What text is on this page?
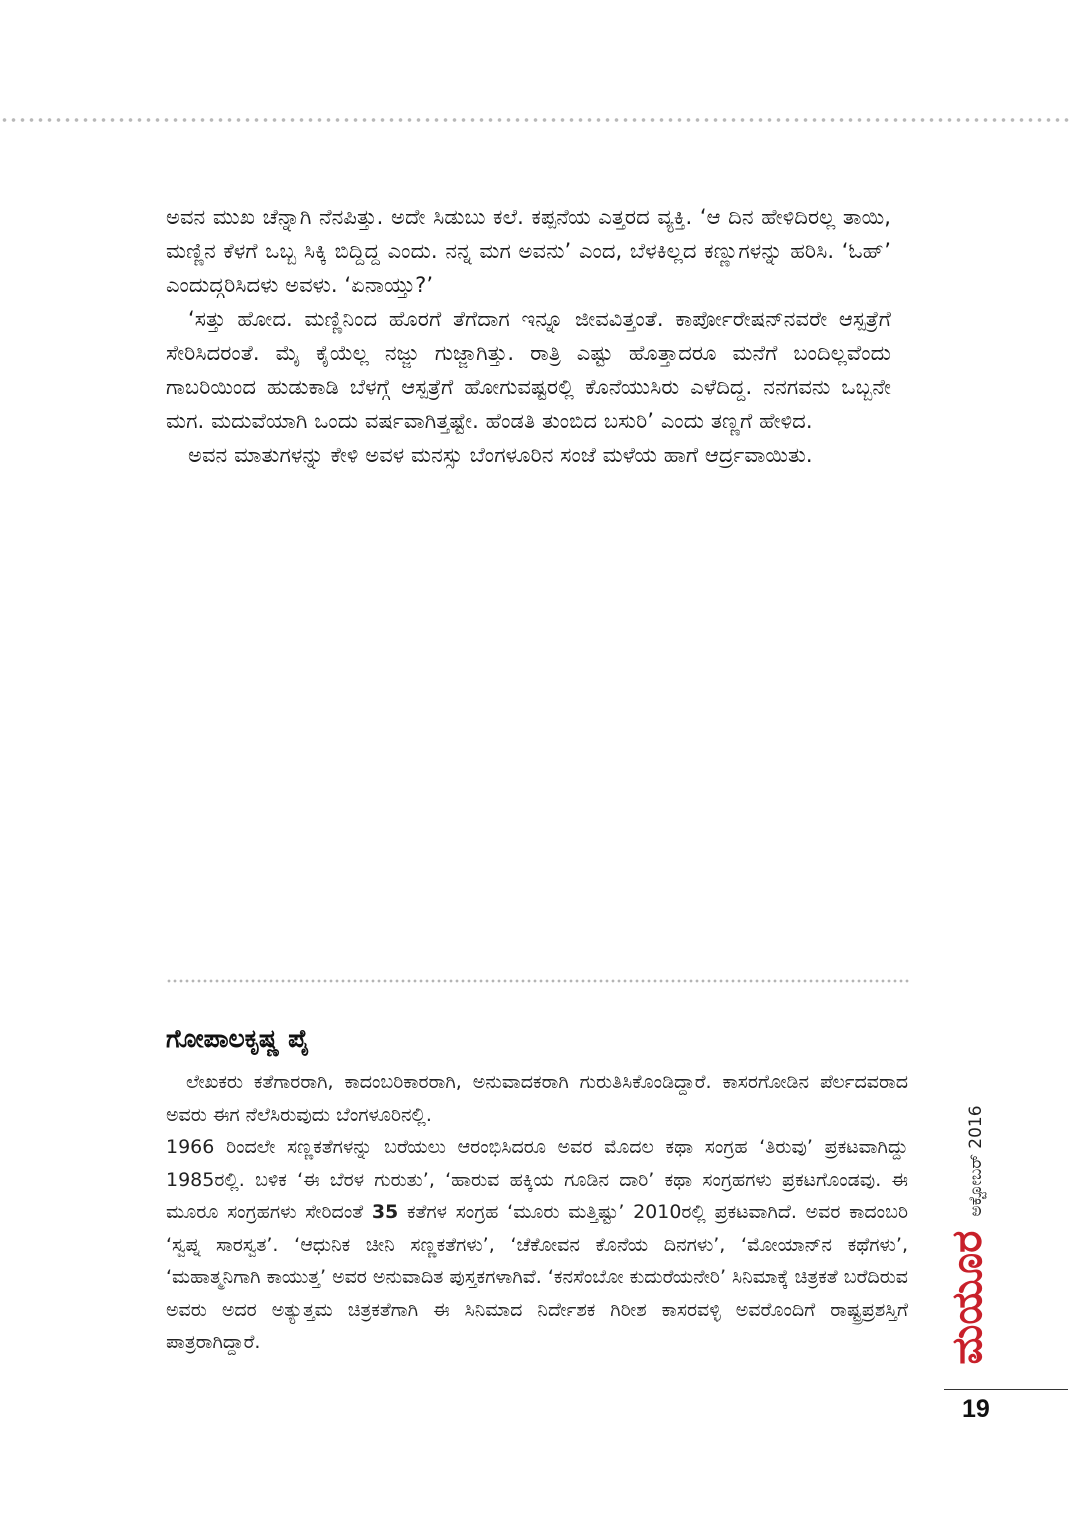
ಅವನ ಮುಖ ಚೆನ್ನಾಗಿ ನೆನಪಿತ್ತು. ಅದೇ ಸಿಡುಬು ಕಲೆ. ಕಪ್ಪನೆಯ ಎತ್ತರದ ವ್ಯಕ್ತಿ. ‘ಆ ದಿನ ಹೇಳಿದಿರಲ್ಲ ತಾಯಿ, ಮಣ್ಣಿನ ಕೆಳಗೆ ಒಬ್ಬ ಸಿಕ್ಕಿ ಬಿದ್ದಿದ್ದ ಎಂದು. ನನ್ನ ಮಗ ಅವನು’ ಎಂದ, ಬೆಳಕಿಲ್ಲದ ಕಣ್ಣುಗಳನ್ನು ಹರಿಸಿ. ‘ಓಹ್’ ಎಂದುದ್ಗರಿಸಿದಳು ಅವಳು. ‘ಏನಾಯ್ತು?’

‘ಸತ್ತು ಹೋದ. ಮಣ್ಣಿನಿಂದ ಹೊರಗೆ ತೆಗೆದಾಗ ಇನ್ನೂ ಜೀವವಿತ್ತಂತೆ. ಕಾರ್ಪೋರೇಷನ್‌ನವರೇ ಆಸ್ಪತ್ರೆಗೆ ಸೇರಿಸಿದರಂತೆ. ಮೈ ಕೈಯೆಲ್ಲ ನಜ್ಜು ಗುಜ್ಜಾಗಿತ್ತು. ರಾತ್ರಿ ಎಷ್ಟು ಹೊತ್ತಾದರೂ ಮನೆಗೆ ಬಂದಿಲ್ಲವೆಂದು ಗಾಬರಿಯಿಂದ ಹುಡುಕಾಡಿ ಬೆಳಗ್ಗೆ ಆಸ್ಪತ್ರೆಗೆ ಹೋಗುವಷ್ಟರಲ್ಲಿ ಕೊನೆಯುಸಿರು ಎಳೆದಿದ್ದ. ನನಗವನು ಒಬ್ಬನೇ ಮಗ. ಮದುವೆಯಾಗಿ ಒಂದು ವರ್ಷವಾಗಿತ್ತಷ್ಟೇ. ಹೆಂಡತಿ ತುಂಬಿದ ಬಸುರಿ’ ಎಂದು ತಣ್ಣಗೆ ಹೇಳಿದ.

ಅವನ ಮಾತುಗಳನ್ನು ಕೇಳಿ ಅವಳ ಮನಸ್ಸು ಬೆಂಗಳೂರಿನ ಸಂಜೆ ಮಳೆಯ ಹಾಗೆ ಆರ್ದ್ರವಾಯಿತು.

ಗೋಪಾಲಕೃಷ್ಣ ಪೈ

ಲೇಖಕರು ಕತೆಗಾರರಾಗಿ, ಕಾದಂಬರಿಕಾರರಾಗಿ, ಅನುವಾದಕರಾಗಿ ಗುರುತಿಸಿಕೊಂಡಿದ್ದಾರೆ. ಕಾಸರಗೋಡಿನ ಪೆರ್ಲದವರಾದ ಅವರು ಈಗ ನೆಲೆಸಿರುವುದು ಬೆಂಗಳೂರಿನಲ್ಲಿ.

1966 ರಿಂದಲೇ ಸಣ್ಣಕತೆಗಳನ್ನು ಬರೆಯಲು ಆರಂಭಿಸಿದರೂ ಅವರ ಮೊದಲ ಕಥಾ ಸಂಗ್ರಹ ‘ತಿರುವು’ ಪ್ರಕಟವಾಗಿದ್ದು 1985ರಲ್ಲಿ. ಬಳಿಕ ‘ಈ ಬೆರಳ ಗುರುತು’, ‘ಹಾರುವ ಹಕ್ಕಿಯ ಗೂಡಿನ ದಾರಿ’ ಕಥಾ ಸಂಗ್ರಹಗಳು ಪ್ರಕಟಗೊಂಡವು. ಈ ಮೂರೂ ಸಂಗ್ರಹಗಳು ಸೇರಿದಂತೆ 35 ಕತೆಗಳ ಸಂಗ್ರಹ ‘ಮೂರು ಮತ್ತಿಷ್ಟು’ 2010ರಲ್ಲಿ ಪ್ರಕಟವಾಗಿದೆ. ಅವರ ಕಾದಂಬರಿ ‘ಸ್ವಪ್ನ ಸಾರಸ್ವತ’. ‘ಆಧುನಿಕ ಚೀನಿ ಸಣ್ಣಕತೆಗಳು’, ‘ಚೆಕೋವನ ಕೊನೆಯ ದಿನಗಳು’, ‘ಮೋಯಾನ್‌ನ ಕಥೆಗಳು’, ‘ಮಹಾತ್ಮನಿಗಾಗಿ ಕಾಯುತ್ತ’ ಅವರ ಅನುವಾದಿತ ಪುಸ್ತಕಗಳಾಗಿವೆ. ‘ಕನಸೆಂಬೋ ಕುದುರೆಯನೇರಿ’ ಸಿನಿಮಾಕ್ಕೆ ಚಿತ್ರಕತೆ ಬರೆದಿರುವ ಅವರು ಅದರ ಅತ್ಯುತ್ತಮ ಚಿತ್ರಕತೆಗಾಗಿ ಈ ಸಿನಿಮಾದ ನಿರ್ದೇಶಕ ಗಿರೀಶ ಕಾಸರವಳ್ಳಿ ಅವರೊಂದಿಗೆ ರಾಷ್ಟ್ರಪ್ರಶಸ್ತಿಗೆ ಪಾತ್ರರಾಗಿದ್ದಾರೆ.	ಮಯೂರ
ಅಕ್ಟೋಬರ್ 2016
19
